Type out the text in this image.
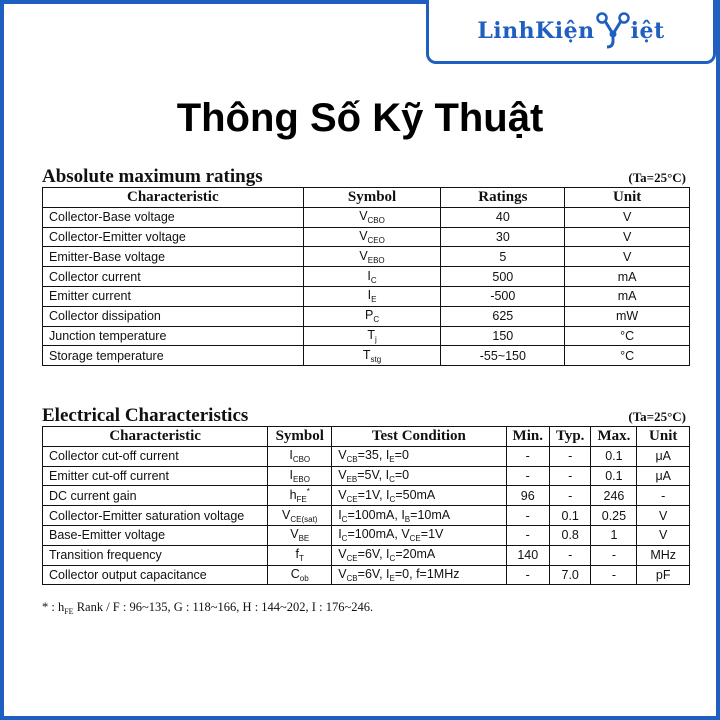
LinhKiện iệt
Thông Số Kỹ Thuật
Absolute maximum ratings	(Ta=25°C)
Characteristic	Symbol	Ratings	Unit
Collector-Base voltage	$V_{CBO}$	40	V
Collector-Emitter voltage	$V_{CEO}$	30	V
Emitter-Base voltage	$V_{EBO}$	5	V
Collector current	$I_C$	500	mA
Emitter current	$I_E$	-500	mA
Collector dissipation	$P_C$	625	mW
Junction temperature	$T_j$	150	°C
Storage temperature	$T_{stg}$	-55~150	°C
Electrical Characteristics	(Ta=25°C)
Characteristic	Symbol	Test Condition	Min.	Typ.	Max.	Unit
Collector cut-off current	$I_{CBO}$	$V_{CB}=35$, $I_E=0$	-	-	0.1	μA
Emitter cut-off current	$I_{EBO}$	$V_{EB}=5V$, $I_C=0$	-	-	0.1	μA
DC current gain	$h_{FE}^*$	$V_{CE}=1V$, $I_C=50mA$	96	-	246	-
Collector-Emitter saturation voltage	$V_{CE(sat)}$	$I_C=100mA$, $I_B=10mA$	-	0.1	0.25	V
Base-Emitter voltage	$V_{BE}$	$I_C=100mA$, $V_{CE}=1V$	-	0.8	1	V
Transition frequency	$f_T$	$V_{CE}=6V$, $I_C=20mA$	140	-	-	MHz
Collector output capacitance	$C_{ob}$	$V_{CB}=6V$, $I_E=0$, f=1MHz	-	7.0	-	pF
* : $h_{FE}$ Rank / F : 96~135, G : 118~166, H : 144~202, I : 176~246.
